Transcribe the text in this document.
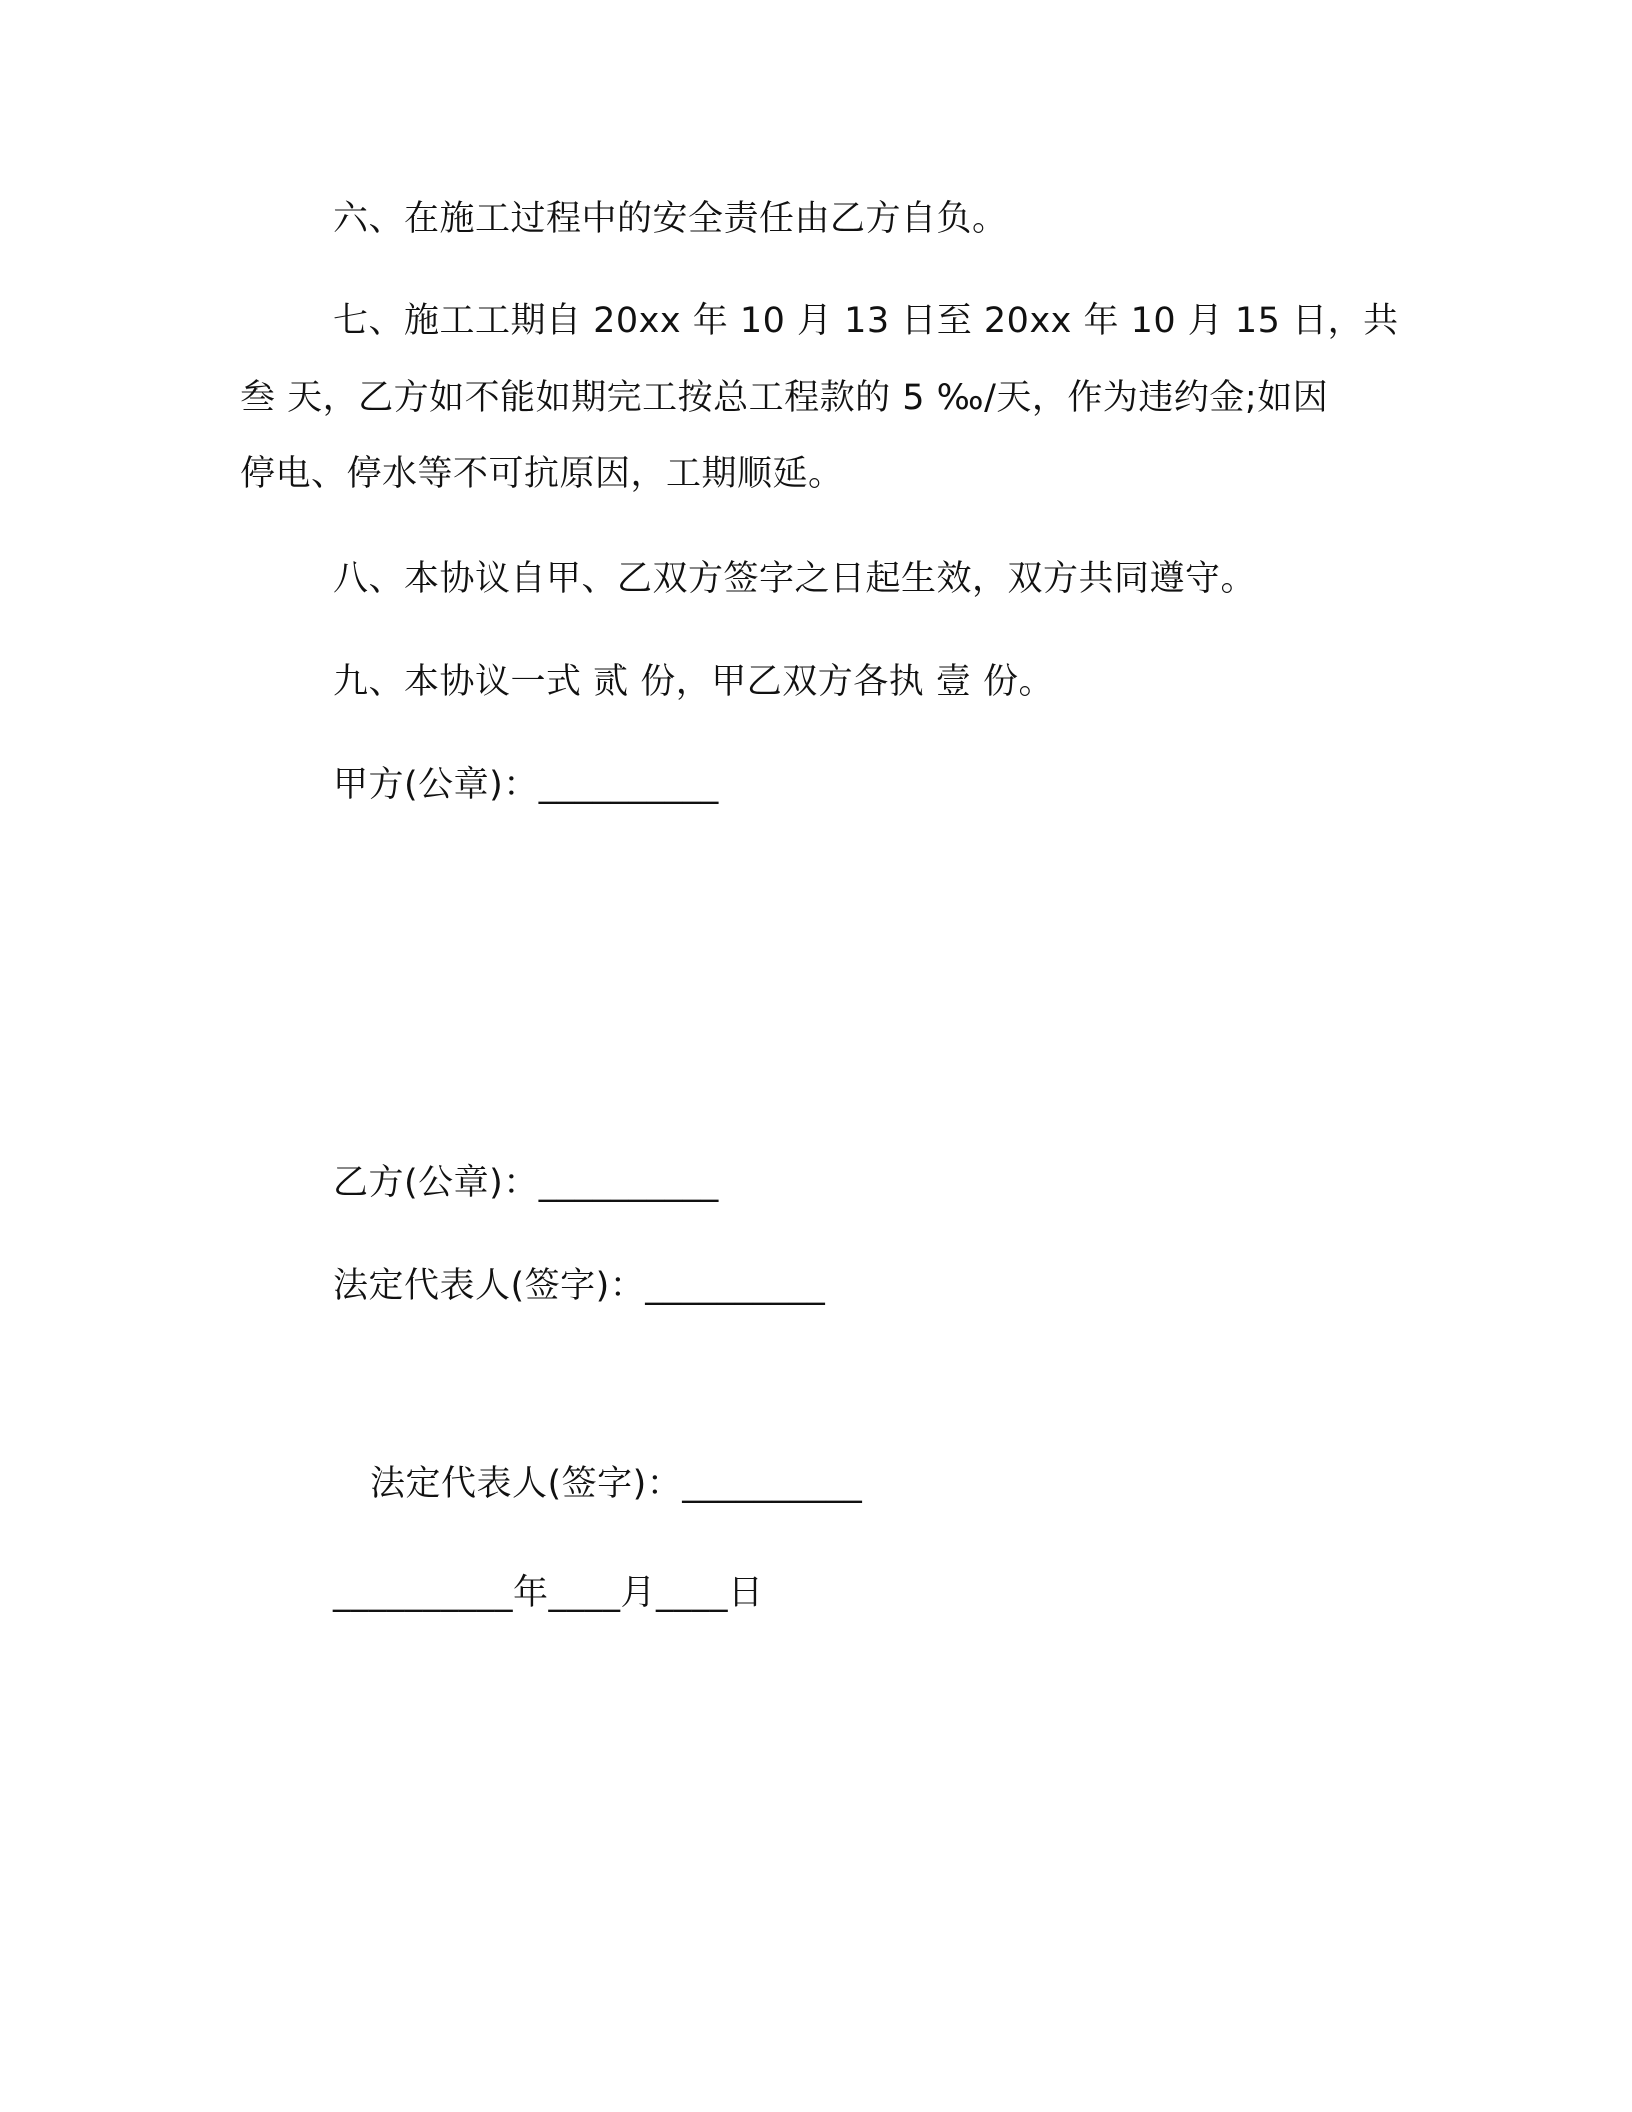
六、在施工过程中的安全责任由乙方自负。
七、施工工期自 20xx 年 10 月 13 日至 20xx 年 10 月 15 日，共
叁 天，乙方如不能如期完工按总工程款的 5 ‰/天，作为违约金;如因
停电、停水等不可抗原因，工期顺延。
八、本协议自甲、乙双方签字之日起生效，双方共同遵守。
九、本协议一式 贰 份，甲乙双方各执 壹 份。
甲方(公章)：__________
乙方(公章)：__________
法定代表人(签字)：__________
法定代表人(签字)：__________
__________年____月____日
